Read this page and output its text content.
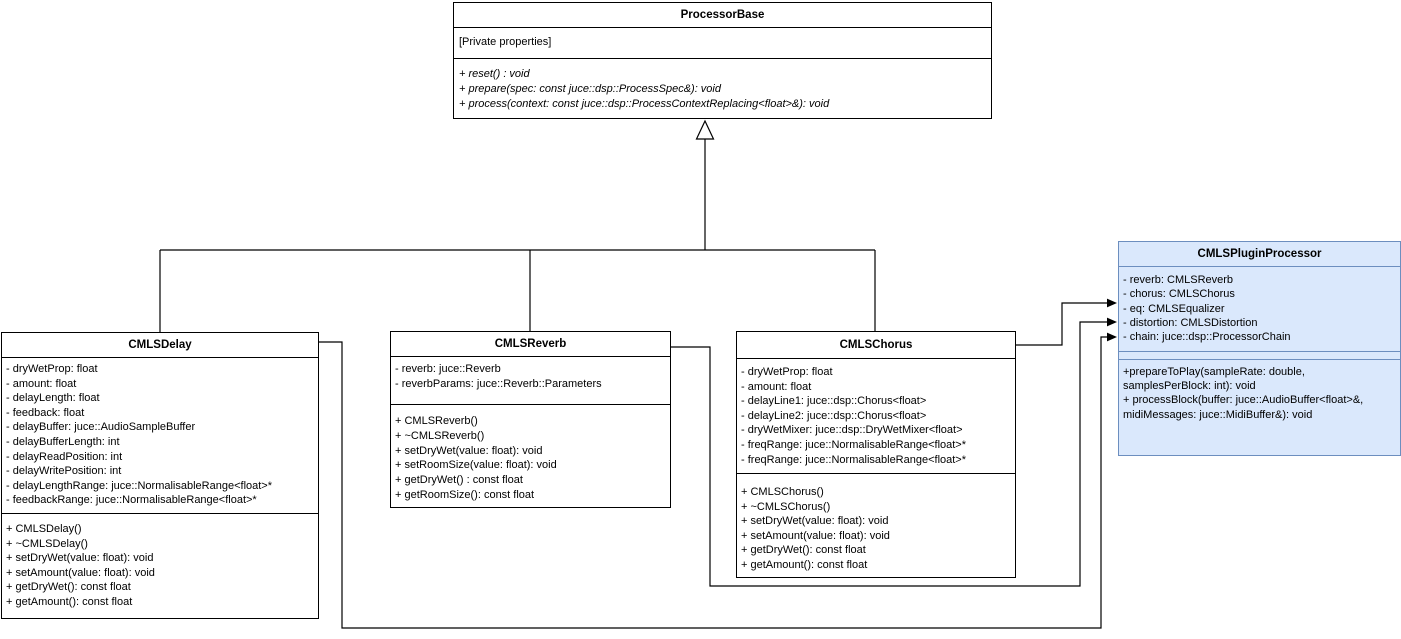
ProcessorBase
[Private properties]
+ reset() : void
+ prepare(spec: const juce::dsp::ProcessSpec&): void
+ process(context: const juce::dsp::ProcessContextReplacing<float>&): void
CMLSDelay
- dryWetProp: float
- amount: float
- delayLength: float
- feedback: float
- delayBuffer: juce::AudioSampleBuffer
- delayBufferLength: int
- delayReadPosition: int
- delayWritePosition: int
- delayLengthRange: juce::NormalisableRange<float>*
- feedbackRange: juce::NormalisableRange<float>*
+ CMLSDelay()
+ ~CMLSDelay()
+ setDryWet(value: float): void
+ setAmount(value: float): void
+ getDryWet(): const float
+ getAmount(): const float
CMLSReverb
- reverb: juce::Reverb
- reverbParams: juce::Reverb::Parameters
+ CMLSReverb()
+ ~CMLSReverb()
+ setDryWet(value: float): void
+ setRoomSize(value: float): void
+ getDryWet() : const float
+ getRoomSize(): const float
CMLSChorus
- dryWetProp: float
- amount: float
- delayLine1: juce::dsp::Chorus<float>
- delayLine2: juce::dsp::Chorus<float>
- dryWetMixer: juce::dsp::DryWetMixer<float>
- freqRange: juce::NormalisableRange<float>*
- freqRange: juce::NormalisableRange<float>*
+ CMLSChorus()
+ ~CMLSChorus()
+ setDryWet(value: float): void
+ setAmount(value: float): void
+ getDryWet(): const float
+ getAmount(): const float
CMLSPluginProcessor
- reverb: CMLSReverb
- chorus: CMLSChorus
- eq: CMLSEqualizer
- distortion: CMLSDistortion
- chain: juce::dsp::ProcessorChain
+prepareToPlay(sampleRate: double,
samplesPerBlock: int): void
+ processBlock(buffer: juce::AudioBuffer<float>&,
midiMessages: juce::MidiBuffer&): void
